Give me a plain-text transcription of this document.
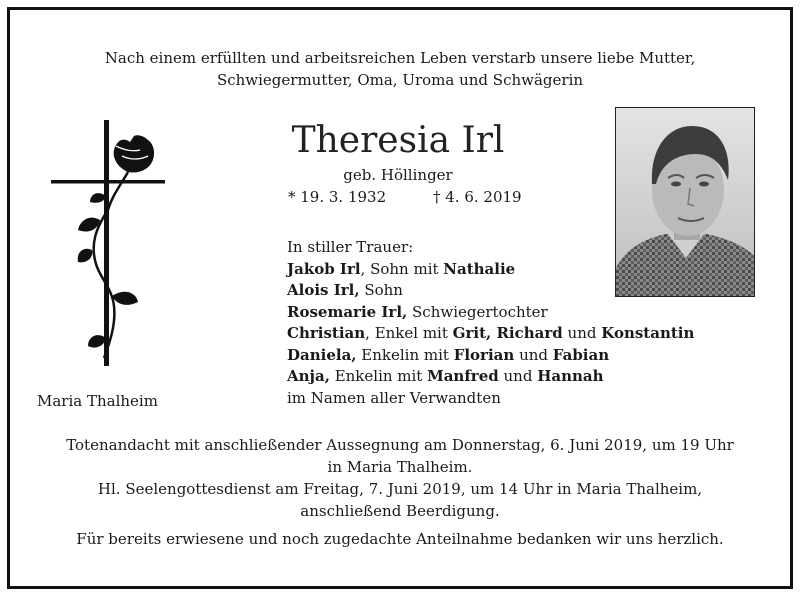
Nach einem erfüllten und arbeitsreichen Leben verstarb unsere liebe Mutter,
Schwiegermutter, Oma, Uroma und Schwägerin
Maria Thalheim
Theresia Irl
geb. Höllinger
* 19. 3. 1932	† 4. 6. 2019
In stiller Trauer:
Jakob Irl, Sohn mit Nathalie
Alois Irl, Sohn
Rosemarie Irl, Schwiegertochter
Christian, Enkel mit Grit, Richard und Konstantin
Daniela, Enkelin mit Florian und Fabian
Anja, Enkelin mit Manfred und Hannah
im Namen aller Verwandten
Totenandacht mit anschließender Aussegnung am Donnerstag, 6. Juni 2019, um 19 Uhr
in Maria Thalheim.
Hl. Seelengottesdienst am Freitag, 7. Juni 2019, um 14 Uhr in Maria Thalheim,
anschließend Beerdigung.
Für bereits erwiesene und noch zugedachte Anteilnahme bedanken wir uns herzlich.
